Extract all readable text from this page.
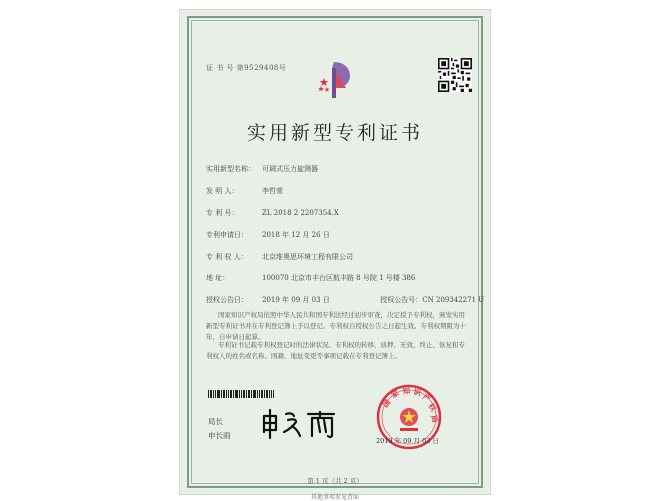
证 书 号 第9529408号
实用新型专利证书
实用新型名称： 可调式压力旋测器
发 明 人：	李哲萱
专 利 号：	ZL 2018 2 2207354.X
专利申请日： 2018 年 12 月 26 日
专 利 权 人： 北京维奥思环境工程有限公司
地 址：	100070 北京市丰台区航丰路 8 号院 1 号楼 386
授权公告日： 2019 年 09 月 03 日	授权公告号：CN 209342271 U

国家知识产权局依照中华人民共和国专利法经过初步审查，决定授予专利权，颁发实用新型专利证书并在专利登记簿上予以登记。专利权自授权公告之日起生效。专利权期限为十年，自申请日起算。

专利证书记载专利权登记时的法律状况。专利权的转移、质押、无效、终止、恢复和专利权人的姓名或名称、国籍、地址变更等事项记载在专利登记簿上。

局长
申长雨
国
家 知 识 产
权
局
2019 年 09 月 03 日
第 1 页（共 2 页）
其他事项参见背面
